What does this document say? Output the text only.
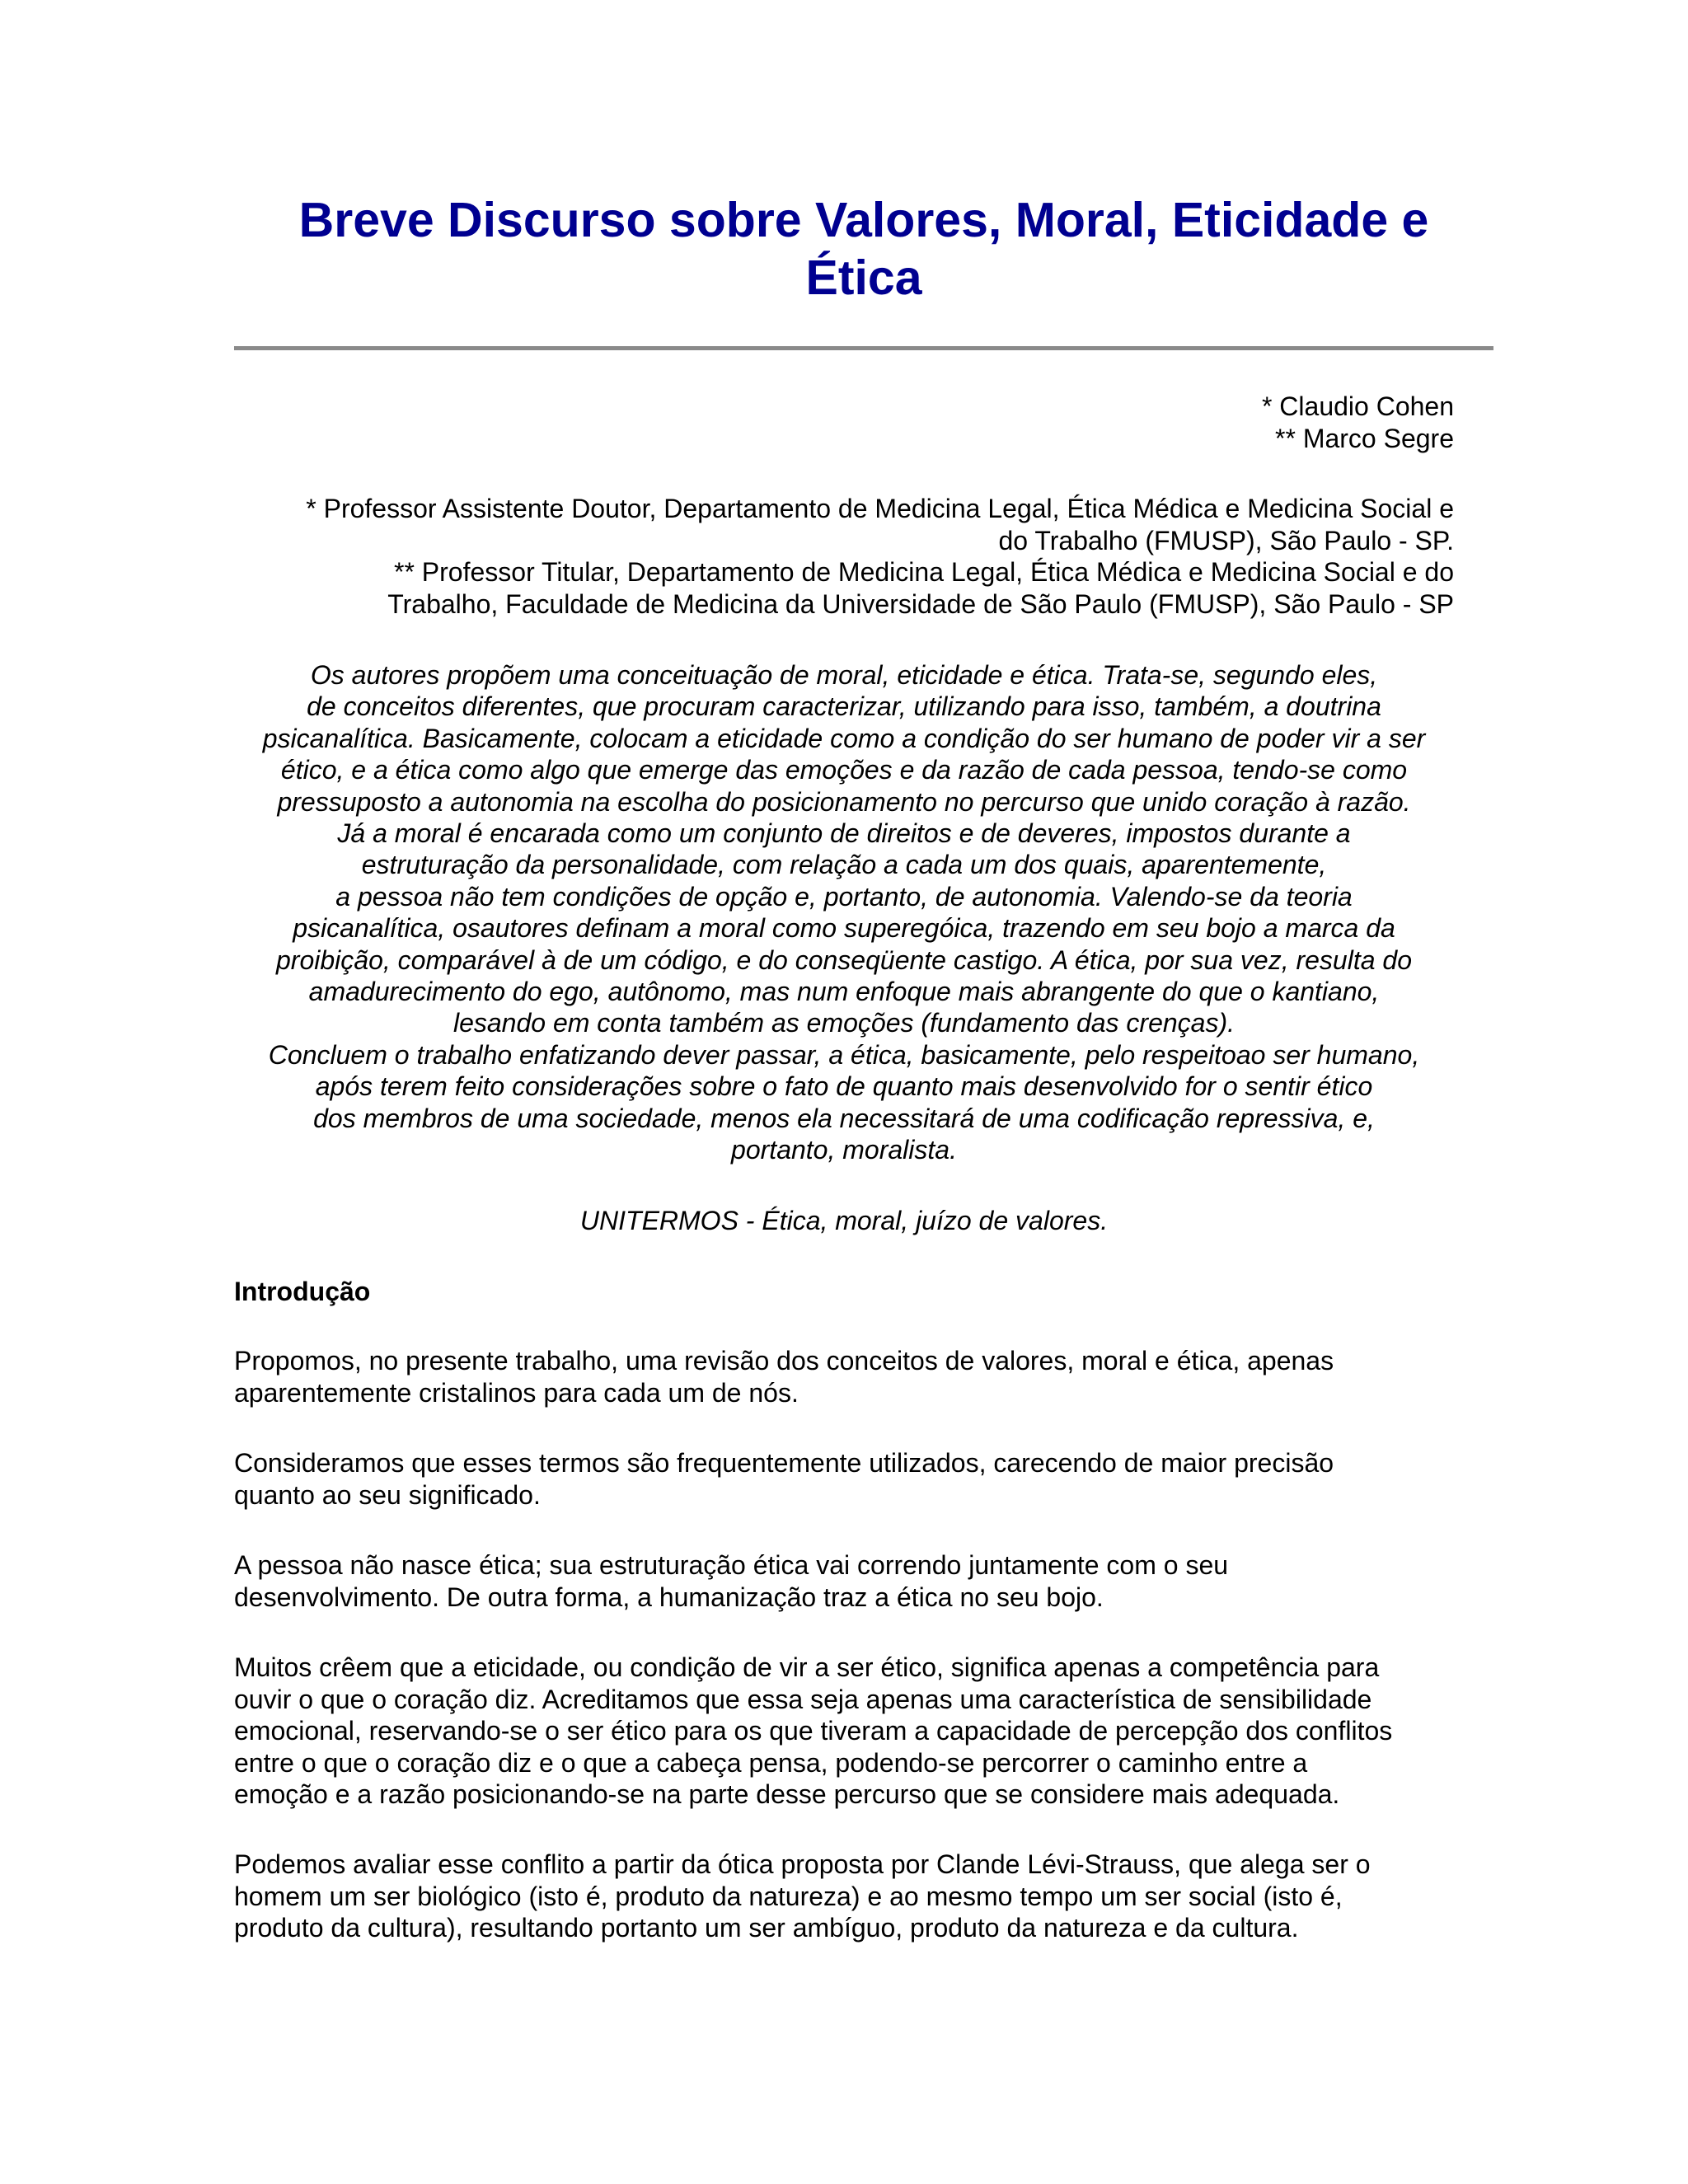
Breve Discurso sobre Valores, Moral, Eticidade e
Ética
* Claudio Cohen
** Marco Segre
* Professor Assistente Doutor, Departamento de Medicina Legal, Ética Médica e Medicina Social e
do Trabalho (FMUSP), São Paulo - SP.
** Professor Titular, Departamento de Medicina Legal, Ética Médica e Medicina Social e do
Trabalho, Faculdade de Medicina da Universidade de São Paulo (FMUSP), São Paulo - SP
Os autores propõem uma conceituação de moral, eticidade e ética. Trata-se, segundo eles,
de conceitos diferentes, que procuram caracterizar, utilizando para isso, também, a doutrina
psicanalítica. Basicamente, colocam a eticidade como a condição do ser humano de poder vir a ser
ético, e a ética como algo que emerge das emoções e da razão de cada pessoa, tendo-se como
pressuposto a autonomia na escolha do posicionamento no percurso que unido coração à razão.
Já a moral é encarada como um conjunto de direitos e de deveres, impostos durante a
estruturação da personalidade, com relação a cada um dos quais, aparentemente,
a pessoa não tem condições de opção e, portanto, de autonomia. Valendo-se da teoria
psicanalítica, osautores definam a moral como superegóica, trazendo em seu bojo a marca da
proibição, comparável à de um código, e do conseqüente castigo. A ética, por sua vez, resulta do
amadurecimento do ego, autônomo, mas num enfoque mais abrangente do que o kantiano,
lesando em conta também as emoções (fundamento das crenças).
Concluem o trabalho enfatizando dever passar, a ética, basicamente, pelo respeitoao ser humano,
após terem feito considerações sobre o fato de quanto mais desenvolvido for o sentir ético
dos membros de uma sociedade, menos ela necessitará de uma codificação repressiva, e,
portanto, moralista.
UNITERMOS - Ética, moral, juízo de valores.
Introdução
Propomos, no presente trabalho, uma revisão dos conceitos de valores, moral e ética, apenas
aparentemente cristalinos para cada um de nós.
Consideramos que esses termos são frequentemente utilizados, carecendo de maior precisão
quanto ao seu significado.
A pessoa não nasce ética; sua estruturação ética vai correndo juntamente com o seu
desenvolvimento. De outra forma, a humanização traz a ética no seu bojo.
Muitos crêem que a eticidade, ou condição de vir a ser ético, significa apenas a competência para
ouvir o que o coração diz. Acreditamos que essa seja apenas uma característica de sensibilidade
emocional, reservando-se o ser ético para os que tiveram a capacidade de percepção dos conflitos
entre o que o coração diz e o que a cabeça pensa, podendo-se percorrer o caminho entre a
emoção e a razão posicionando-se na parte desse percurso que se considere mais adequada.
Podemos avaliar esse conflito a partir da ótica proposta por Clande Lévi-Strauss, que alega ser o
homem um ser biológico (isto é, produto da natureza) e ao mesmo tempo um ser social (isto é,
produto da cultura), resultando portanto um ser ambíguo, produto da natureza e da cultura.
